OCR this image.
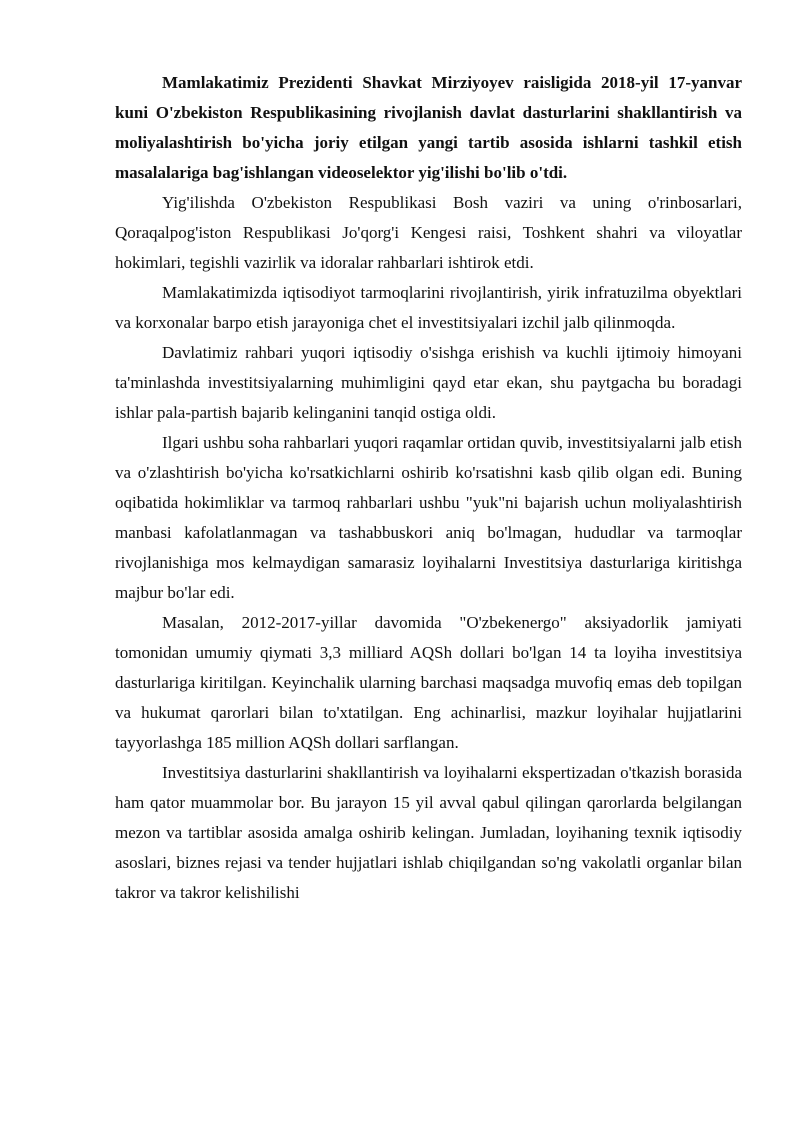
Mamlakatimiz Prezidenti Shavkat Mirziyoyev raisligida 2018-yil 17-yanvar kuni O'zbekiston Respublikasining rivojlanish davlat dasturlarini shakllantirish va moliyalashtirish bo'yicha joriy etilgan yangi tartib asosida ishlarni tashkil etish masalalariga bag'ishlangan videoselektor yig'ilishi bo'lib o'tdi.

Yig'ilishda O'zbekiston Respublikasi Bosh vaziri va uning o'rinbosarlari, Qoraqalpog'iston Respublikasi Jo'qorg'i Kengesi raisi, Toshkent shahri va viloyatlar hokimlari, tegishli vazirlik va idoralar rahbarlari ishtirok etdi.

Mamlakatimizda iqtisodiyot tarmoqlarini rivojlantirish, yirik infratuzilma obyektlari va korxonalar barpo etish jarayoniga chet el investitsiyalari izchil jalb qilinmoqda.

Davlatimiz rahbari yuqori iqtisodiy o'sishga erishish va kuchli ijtimoiy himoyani ta'minlashda investitsiyalarning muhimligini qayd etar ekan, shu paytgacha bu boradagi ishlar pala-partish bajarib kelinganini tanqid ostiga oldi.

Ilgari ushbu soha rahbarlari yuqori raqamlar ortidan quvib, investitsiyalarni jalb etish va o'zlashtirish bo'yicha ko'rsatkichlarni oshirib ko'rsatishni kasb qilib olgan edi. Buning oqibatida hokimliklar va tarmoq rahbarlari ushbu "yuk"ni bajarish uchun moliyalashtirish manbasi kafolatlanmagan va tashabbuskori aniq bo'lmagan, hududlar va tarmoqlar rivojlanishiga mos kelmaydigan samarasiz loyihalarni Investitsiya dasturlariga kiritishga majbur bo'lar edi.

Masalan, 2012-2017-yillar davomida "O'zbekenergo" aksiyadorlik jamiyati tomonidan umumiy qiymati 3,3 milliard AQSh dollari bo'lgan 14 ta loyiha investitsiya dasturlariga kiritilgan. Keyinchalik ularning barchasi maqsadga muvofiq emas deb topilgan va hukumat qarorlari bilan to'xtatilgan. Eng achinarlisi, mazkur loyihalar hujjatlarini tayyorlashga 185 million AQSh dollari sarflangan.

Investitsiya dasturlarini shakllantirish va loyihalarni ekspertizadan o'tkazish borasida ham qator muammolar bor. Bu jarayon 15 yil avval qabul qilingan qarorlarda belgilangan mezon va tartiblar asosida amalga oshirib kelingan. Jumladan, loyihaning texnik iqtisodiy asoslari, biznes rejasi va tender hujjatlari ishlab chiqilgandan so'ng vakolatli organlar bilan takror va takror kelishilishi
